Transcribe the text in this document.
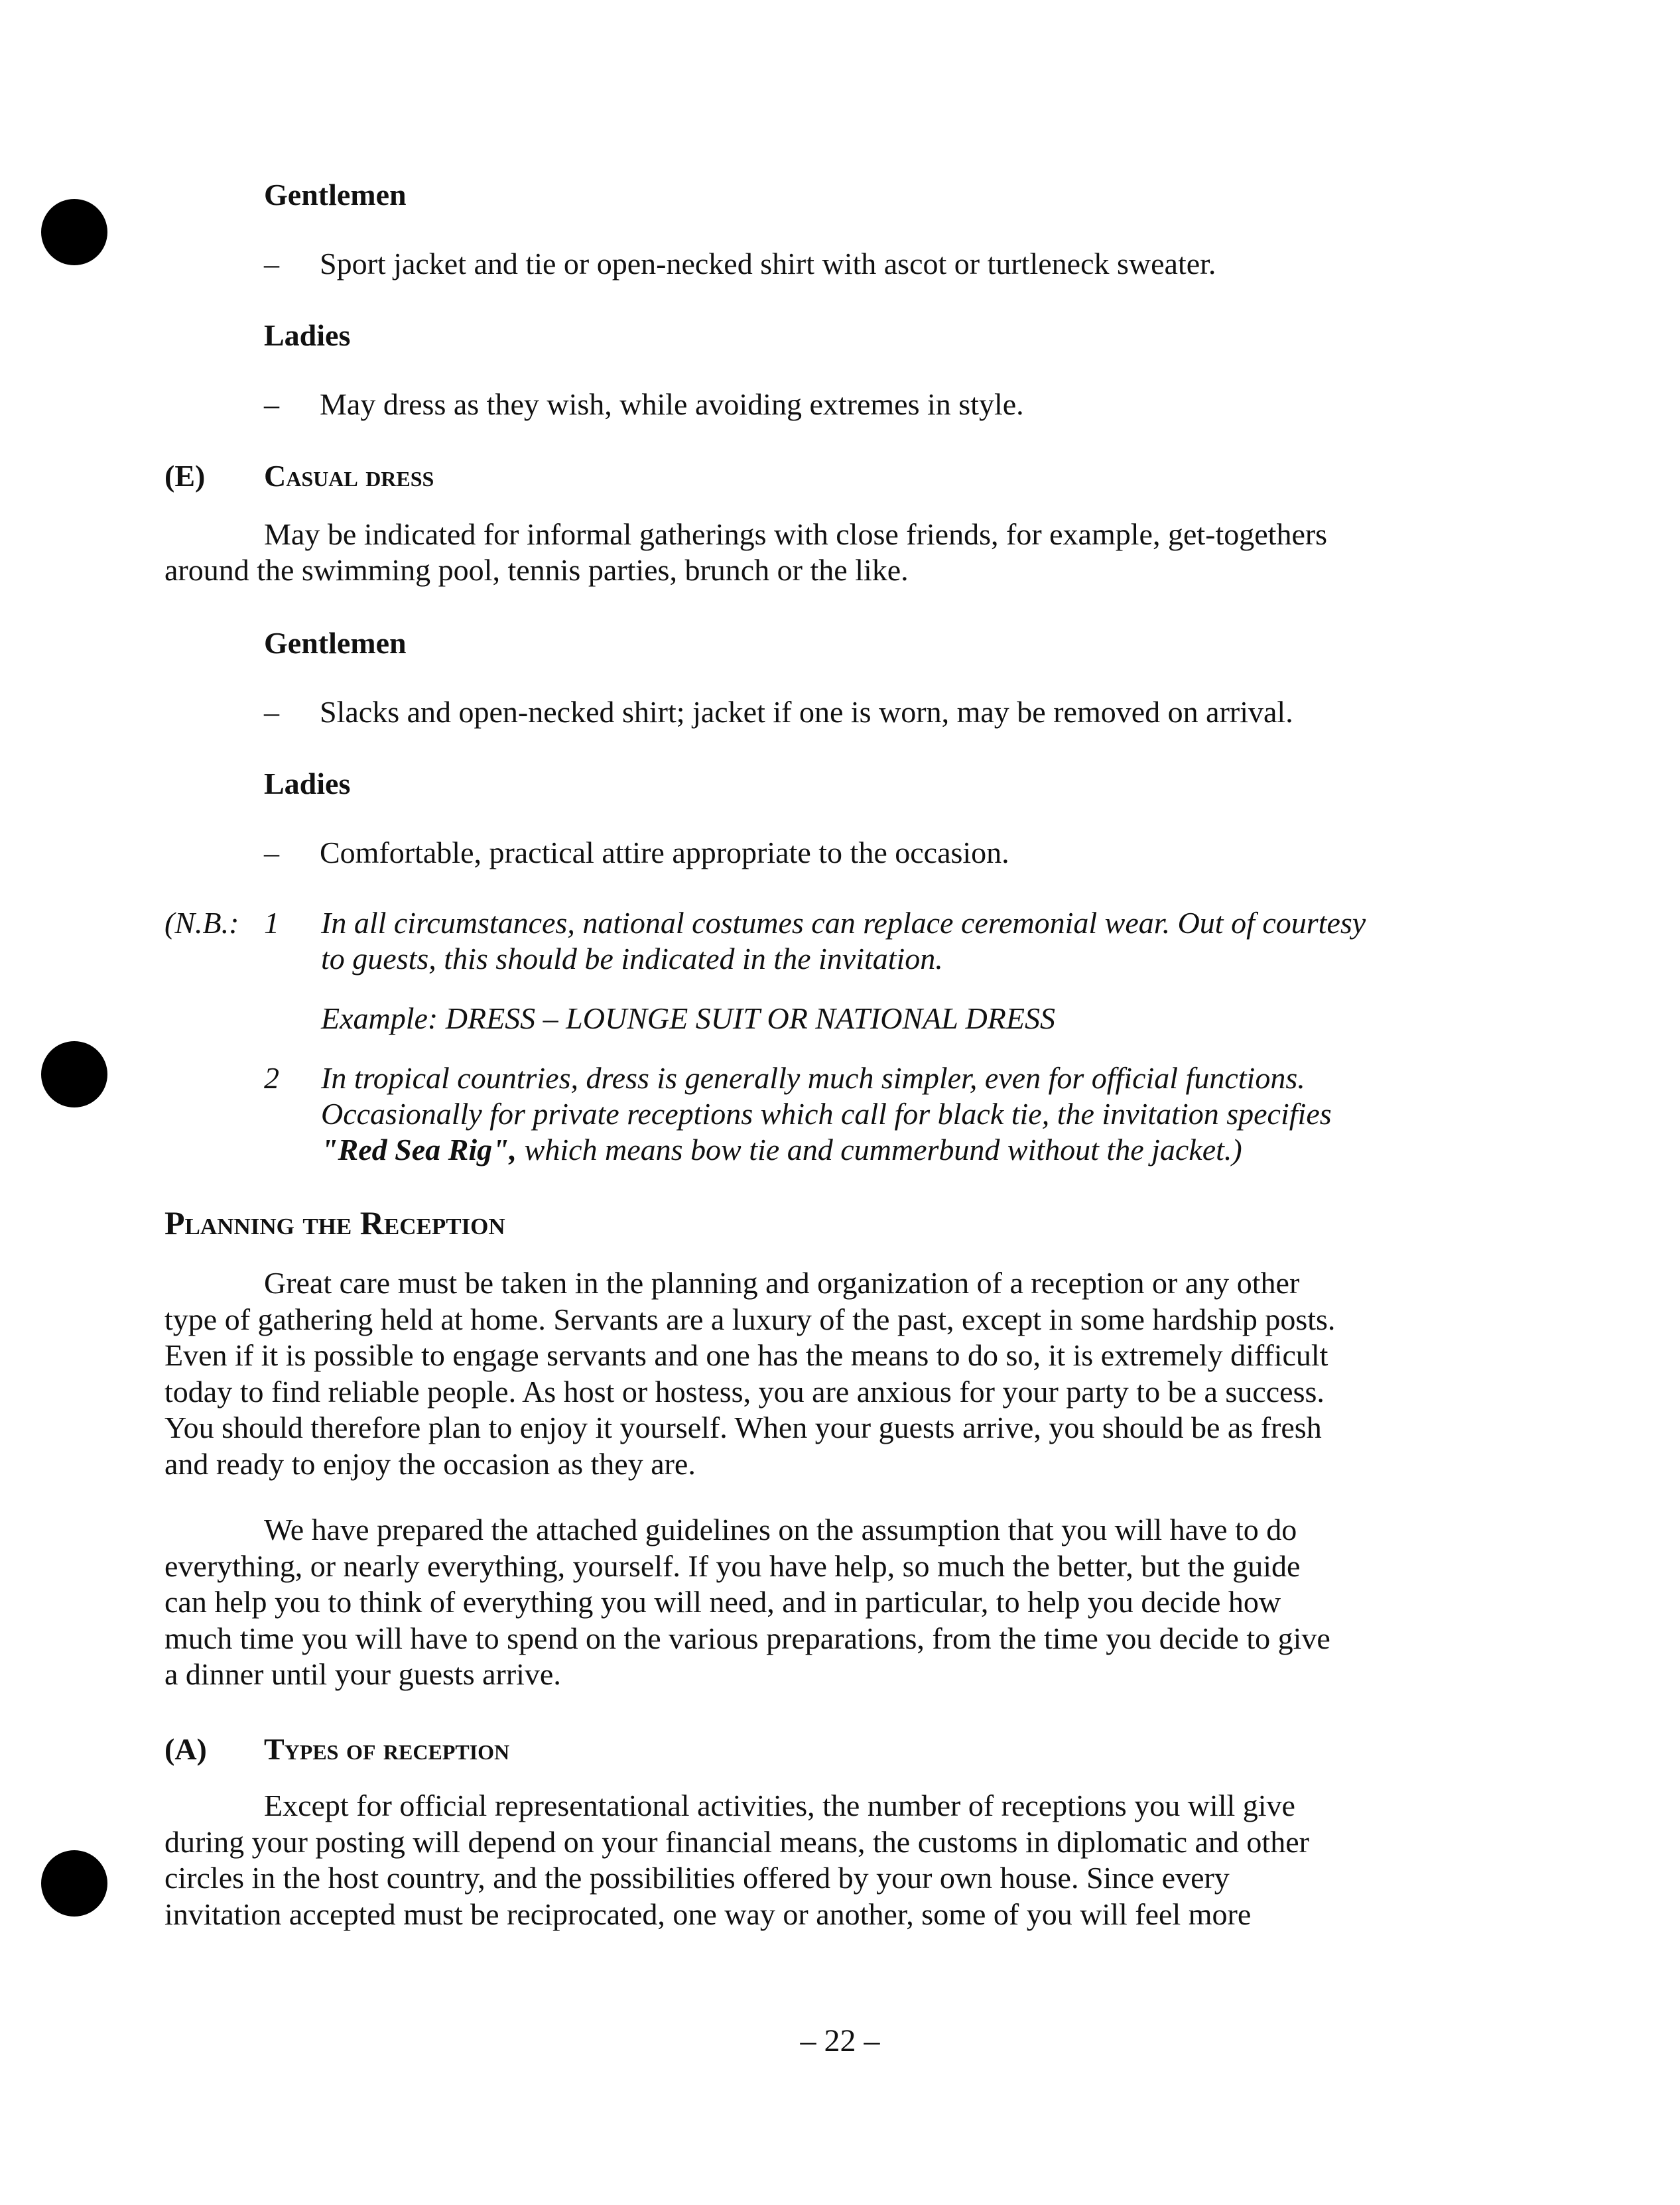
Gentlemen
– Sport jacket and tie or open-necked shirt with ascot or turtleneck sweater.
Ladies
– May dress as they wish, while avoiding extremes in style.
(E) Casual dress
May be indicated for informal gatherings with close friends, for example, get-togethers
around the swimming pool, tennis parties, brunch or the like.
Gentlemen
– Slacks and open-necked shirt; jacket if one is worn, may be removed on arrival.
Ladies
– Comfortable, practical attire appropriate to the occasion.
(N.B.: 1 In all circumstances, national costumes can replace ceremonial wear. Out of courtesy
to guests, this should be indicated in the invitation.
Example: DRESS – LOUNGE SUIT OR NATIONAL DRESS
2 In tropical countries, dress is generally much simpler, even for official functions.
Occasionally for private receptions which call for black tie, the invitation specifies
"Red Sea Rig", which means bow tie and cummerbund without the jacket.)
Planning the Reception
Great care must be taken in the planning and organization of a reception or any other
type of gathering held at home. Servants are a luxury of the past, except in some hardship posts.
Even if it is possible to engage servants and one has the means to do so, it is extremely difficult
today to find reliable people. As host or hostess, you are anxious for your party to be a success.
You should therefore plan to enjoy it yourself. When your guests arrive, you should be as fresh
and ready to enjoy the occasion as they are.
We have prepared the attached guidelines on the assumption that you will have to do
everything, or nearly everything, yourself. If you have help, so much the better, but the guide
can help you to think of everything you will need, and in particular, to help you decide how
much time you will have to spend on the various preparations, from the time you decide to give
a dinner until your guests arrive.
(A) Types of reception
Except for official representational activities, the number of receptions you will give
during your posting will depend on your financial means, the customs in diplomatic and other
circles in the host country, and the possibilities offered by your own house. Since every
invitation accepted must be reciprocated, one way or another, some of you will feel more
– 22 –
